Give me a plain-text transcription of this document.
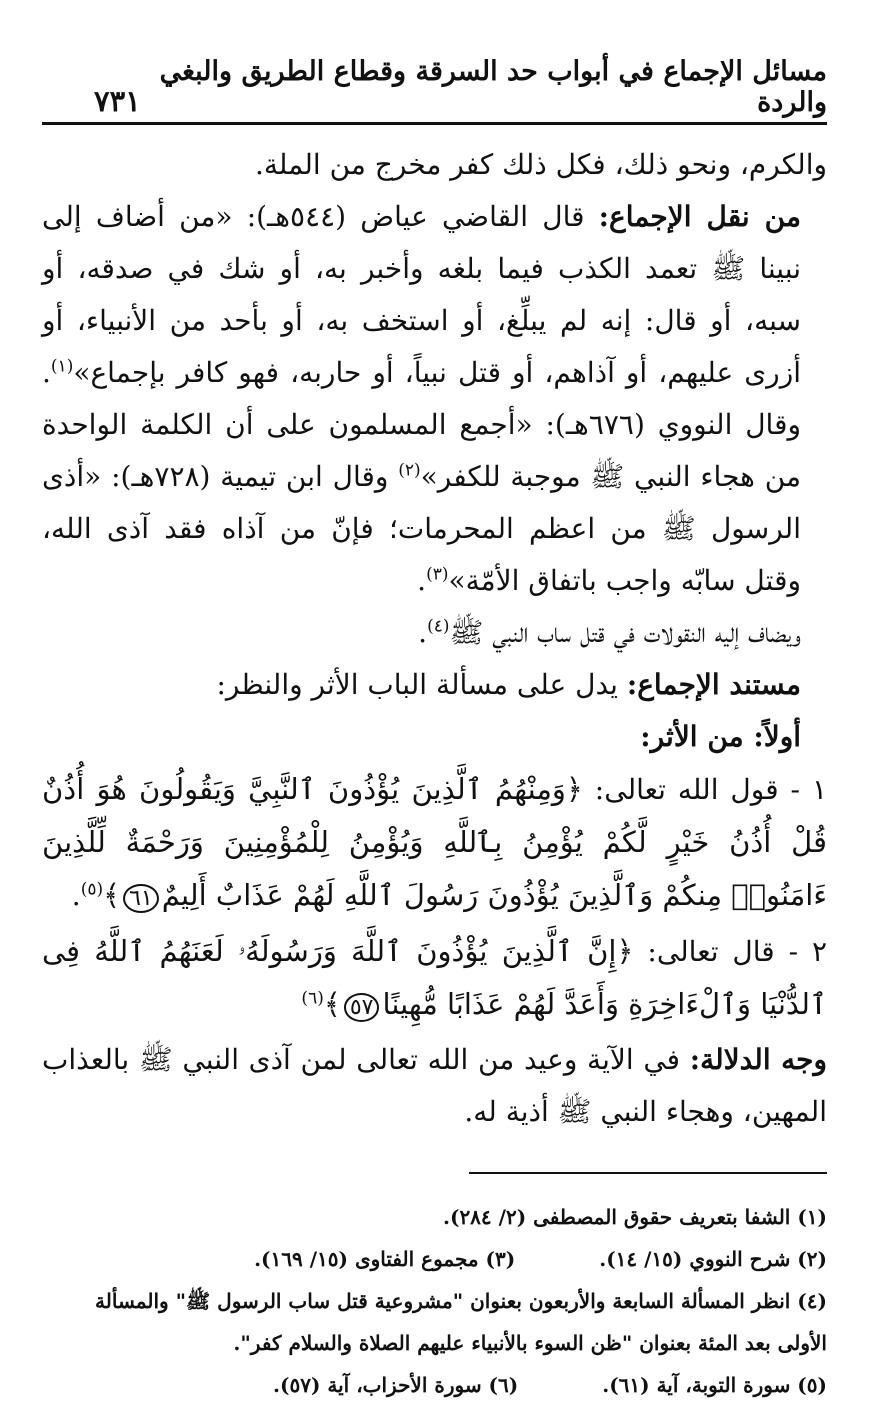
مسائل الإجماع في أبواب حد السرقة وقطاع الطريق والبغي والردة
٧٣١

والكرم، ونحو ذلك، فكل ذلك كفر مخرج من الملة.

من نقل الإجماع: قال القاضي عياض (٥٤٤هـ): «من أضاف إلى نبينا ﷺ تعمد الكذب فيما بلغه وأخبر به، أو شك في صدقه، أو سبه، أو قال: إنه لم يبلِّغ، أو استخف به، أو بأحد من الأنبياء، أو أزرى عليهم، أو آذاهم، أو قتل نبياً، أو حاربه، فهو كافر بإجماع»$^{(١)}$. وقال النووي (٦٧٦هـ): «أجمع المسلمون على أن الكلمة الواحدة من هجاء النبي ﷺ موجبة للكفر»$^{(٢)}$ وقال ابن تيمية (٧٢٨هـ): «أذى الرسول ﷺ من اعظم المحرمات؛ فإنّ من آذاه فقد آذى الله، وقتل سابّه واجب باتفاق الأمّة»$^{(٣)}$.

ويضاف إليه النقولات في قتل ساب النبي ﷺ$^{(٤)}$.

مستند الإجماع: يدل على مسألة الباب الأثر والنظر:

أولاً: من الأثر:

١ - قول الله تعالى: ﴿وَمِنْهُمُ ٱلَّذِينَ يُؤْذُونَ ٱلنَّبِيَّ وَيَقُولُونَ هُوَ أُذُنٌ قُلْ أُذُنُ خَيْرٍ لَّكُمْ يُؤْمِنُ بِٱللَّهِ وَيُؤْمِنُ لِلْمُؤْمِنِينَ وَرَحْمَةٌ لِّلَّذِينَ ءَامَنُوا۟ مِنكُمْ وَٱلَّذِينَ يُؤْذُونَ رَسُولَ ٱللَّهِ لَهُمْ عَذَابٌ أَلِيمٌ٦١﴾$^{(٥)}$.

٢ - قال تعالى: ﴿إِنَّ ٱلَّذِينَ يُؤْذُونَ ٱللَّهَ وَرَسُولَهُۥ لَعَنَهُمُ ٱللَّهُ فِى ٱلدُّنْيَا وَٱلْءَاخِرَةِ وَأَعَدَّ لَهُمْ عَذَابًا مُّهِينًا٥٧﴾$^{(٦)}$

وجه الدلالة: في الآية وعيد من الله تعالى لمن آذى النبي ﷺ بالعذاب المهين، وهجاء النبي ﷺ أذية له.

(١) الشفا بتعريف حقوق المصطفى (٢/ ٢٨٤).
(٢) شرح النووي (١٥/ ١٤).
(٣) مجموع الفتاوى (١٥/ ١٦٩).
(٤) انظر المسألة السابعة والأربعون بعنوان "مشروعية قتل ساب الرسول ﷺ" والمسألة الأولى بعد المئة بعنوان "ظن السوء بالأنبياء عليهم الصلاة والسلام كفر".
(٥) سورة التوبة، آية (٦١).
(٦) سورة الأحزاب، آية (٥٧).
